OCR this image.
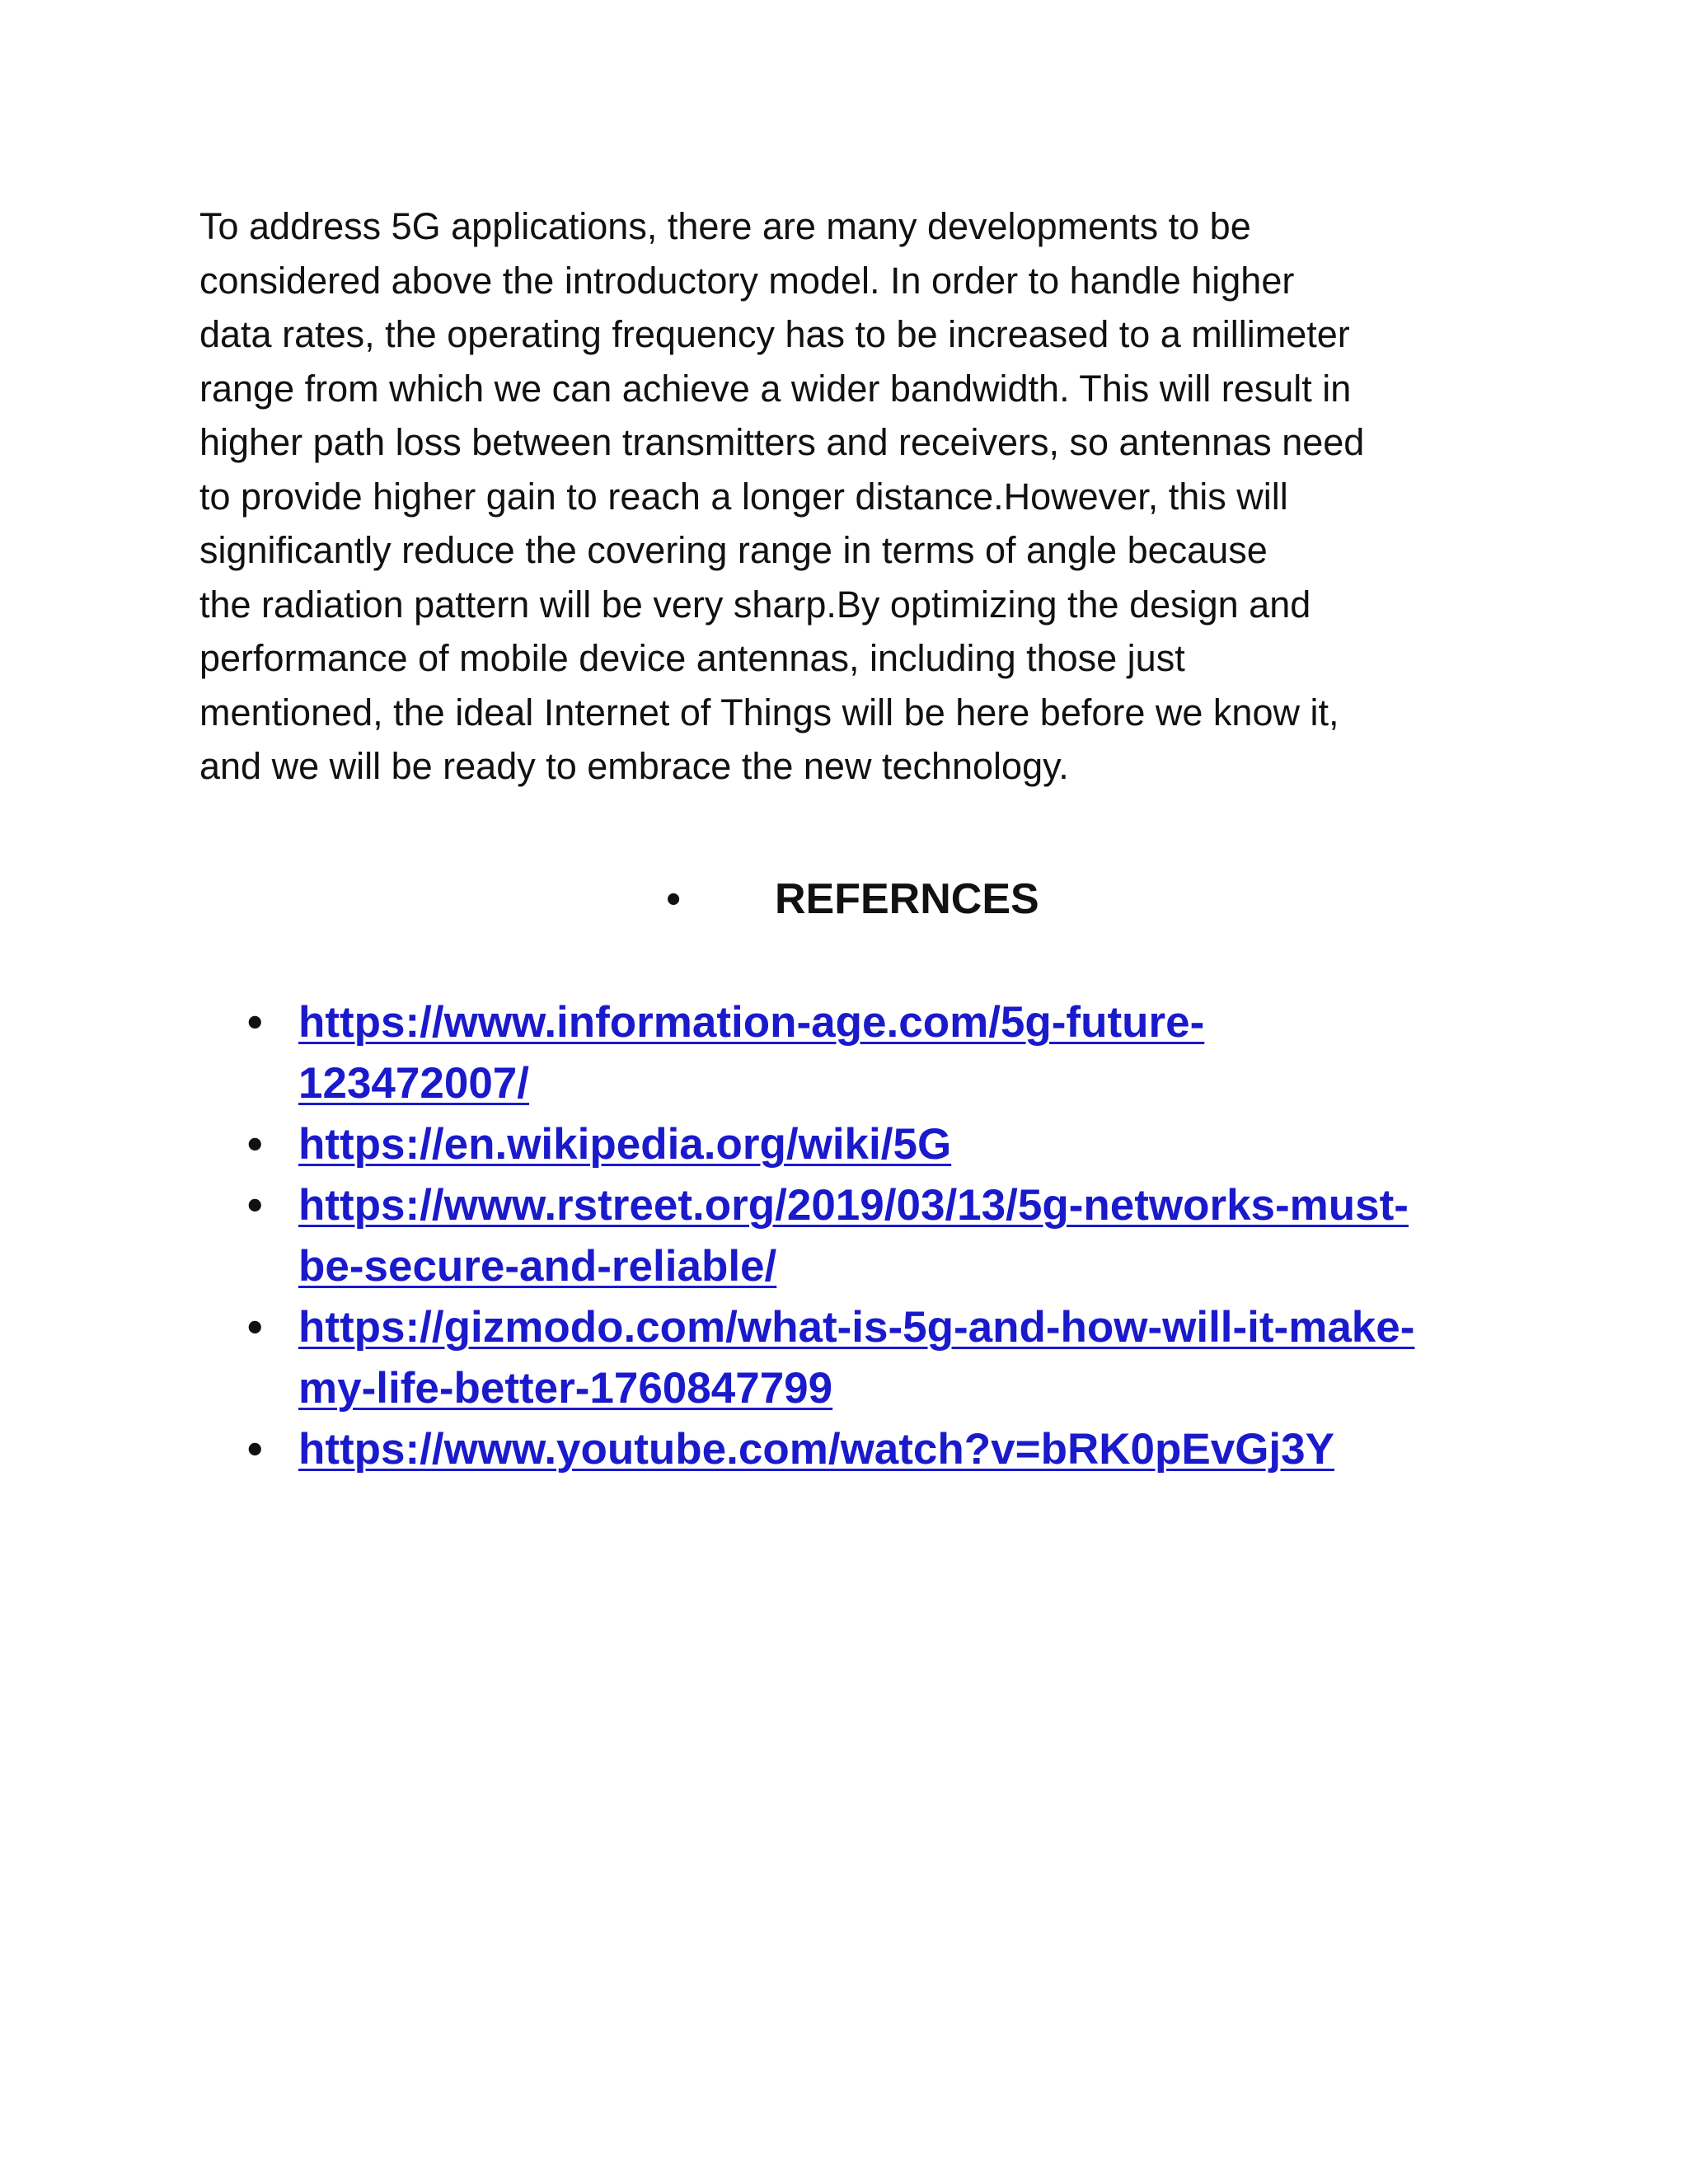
To address 5G applications, there are many developments to be
considered above the introductory model. In order to handle higher
data rates, the operating frequency has to be increased to a millimeter
range from which we can achieve a wider bandwidth. This will result in
higher path loss between transmitters and receivers, so antennas need
to provide higher gain to reach a longer distance.However, this will
significantly reduce the covering range in terms of angle because
the radiation pattern will be very sharp.By optimizing the design and
performance of mobile device antennas, including those just
mentioned, the ideal Internet of Things will be here before we know it,
and we will be ready to embrace the new technology.

• REFERNCES
• https://www.information-age.com/5g-future-
123472007/
• https://en.wikipedia.org/wiki/5G
• https://www.rstreet.org/2019/03/13/5g-networks-must-
be-secure-and-reliable/
• https://gizmodo.com/what-is-5g-and-how-will-it-make-
my-life-better-1760847799
• https://www.youtube.com/watch?v=bRK0pEvGj3Y
